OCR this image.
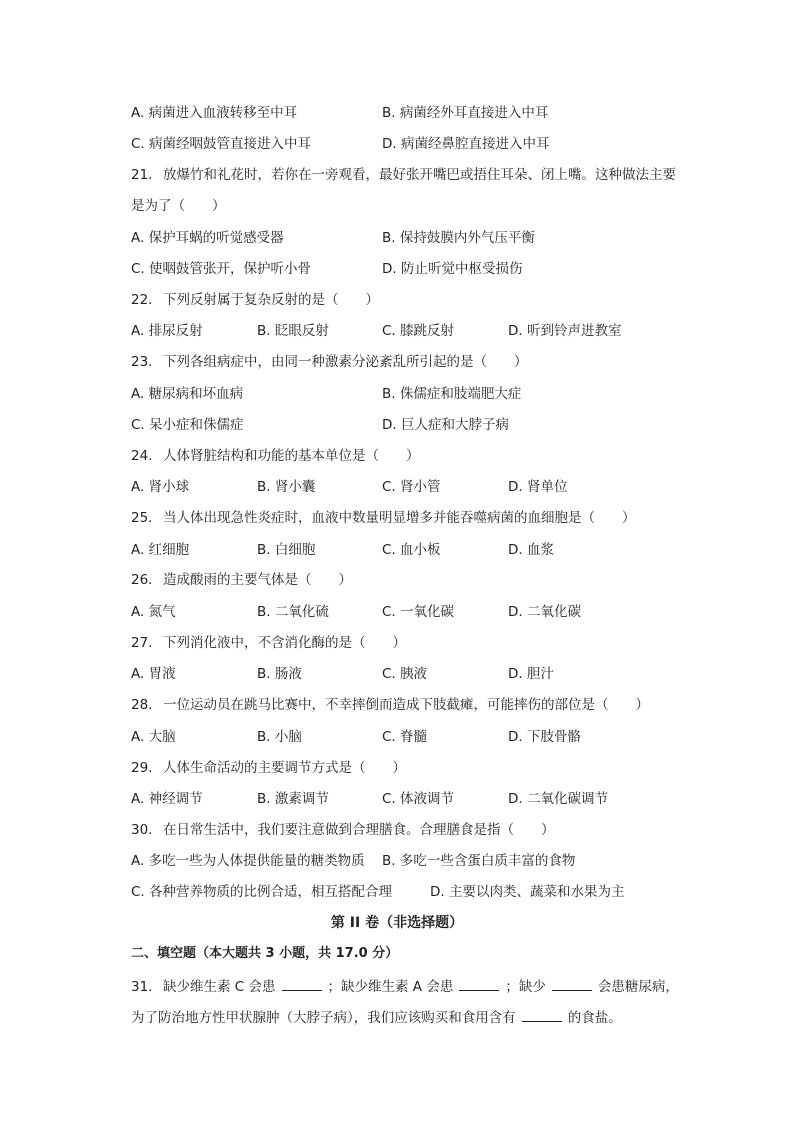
A. 病菌进入血液转移至中耳	B. 病菌经外耳直接进入中耳
C. 病菌经咽鼓管直接进入中耳	D. 病菌经鼻腔直接进入中耳
21. 放爆竹和礼花时，若你在一旁观看，最好张开嘴巴或捂住耳朵、闭上嘴。这种做法主要
是为了（　　）
A. 保护耳蜗的听觉感受器	B. 保持鼓膜内外气压平衡
C. 使咽鼓管张开，保护听小骨	D. 防止听觉中枢受损伤
22. 下列反射属于复杂反射的是（　　）
A. 排尿反射	B. 眨眼反射	C. 膝跳反射	D. 听到铃声进教室
23. 下列各组病症中，由同一种激素分泌紊乱所引起的是（　　）
A. 糖尿病和坏血病	B. 侏儒症和肢端肥大症
C. 呆小症和侏儒症	D. 巨人症和大脖子病
24. 人体肾脏结构和功能的基本单位是（　　）
A. 肾小球	B. 肾小囊	C. 肾小管	D. 肾单位
25. 当人体出现急性炎症时，血液中数量明显增多并能吞噬病菌的血细胞是（　　）
A. 红细胞	B. 白细胞	C. 血小板	D. 血浆
26. 造成酸雨的主要气体是（　　）
A. 氮气	B. 二氧化硫	C. 一氧化碳	D. 二氧化碳
27. 下列消化液中，不含消化酶的是（　　）
A. 胃液	B. 肠液	C. 胰液	D. 胆汁
28. 一位运动员在跳马比赛中，不幸摔倒而造成下肢截瘫，可能摔伤的部位是（　　）
A. 大脑	B. 小脑	C. 脊髓	D. 下肢骨骼
29. 人体生命活动的主要调节方式是（　　）
A. 神经调节	B. 激素调节	C. 体液调节	D. 二氧化碳调节
30. 在日常生活中，我们要注意做到合理膳食。合理膳食是指（　　）
A. 多吃一些为人体提供能量的糖类物质 B. 多吃一些含蛋白质丰富的食物
C. 各种营养物质的比例合适，相互搭配合理	D. 主要以肉类、蔬菜和水果为主
第 II 卷（非选择题）
二、填空题（本大题共 3 小题，共 17.0 分）
31. 缺少维生素 C 会患	；缺少维生素 A 会患	；缺少	会患糖尿病，
为了防治地方性甲状腺肿（大脖子病），我们应该购买和食用含有	的食盐。
